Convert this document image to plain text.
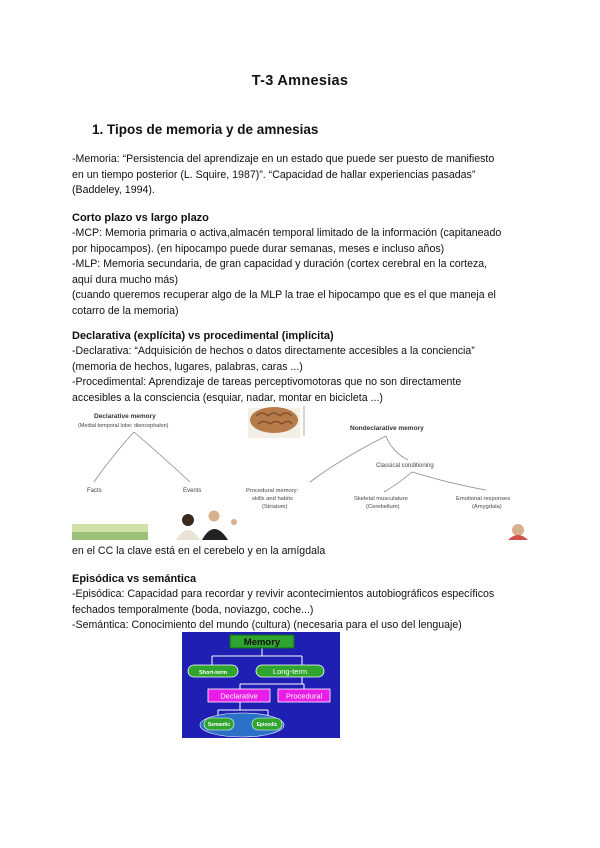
T-3 Amnesias
1. Tipos de memoria y de amnesias
-Memoria: “Persistencia del aprendizaje en un estado que puede ser puesto de manifiesto
en un tiempo posterior (L. Squire, 1987)”. “Capacidad de hallar experiencias pasadas”
(Baddeley, 1994).
Corto plazo vs largo plazo
-MCP: Memoria primaria o activa,almacén temporal limitado de la información (capitaneado
por hipocampos). (en hipocampo puede durar semanas, meses e incluso años)
-MLP: Memoria secundaria, de gran capacidad y duración (cortex cerebral en la corteza,
aquí dura mucho más)
(cuando queremos recuperar algo de la MLP la trae el hipocampo que es el que maneja el
cotarro de la memoria)
Declarativa (explícita) vs procedimental (implícita)
-Declarativa: “Adquisición de hechos o datos directamente accesibles a la conciencia”
(memoria de hechos, lugares, palabras, caras ...)
-Procedimental: Aprendizaje de tareas perceptivomotoras que no son directamente
accesibles a la consciencia (esquiar, nadar, montar en bicicleta ...)
Declarative memory
(Medial temporal lobe; diencephalon)
Facts	Events
Nondeclarative memory
Classical conditioning
Procedural memory:
skills and habits
(Striatum)
Skeletal musculature
(Cerebellum)
Emotional responses
(Amygdala)
en el CC la clave está en el cerebelo y en la amígdala
Episódica vs semántica
-Episódica: Capacidad para recordar y revivir acontecimientos autobiográficos específicos
fechados temporalmente (boda, noviazgo, coche...)
-Semántica: Conocimiento del mundo (cultura) (necesaria para el uso del lenguaje)
Memory
Short-term	Long-term
Declarative	Procedural
Semantic	Episodic
